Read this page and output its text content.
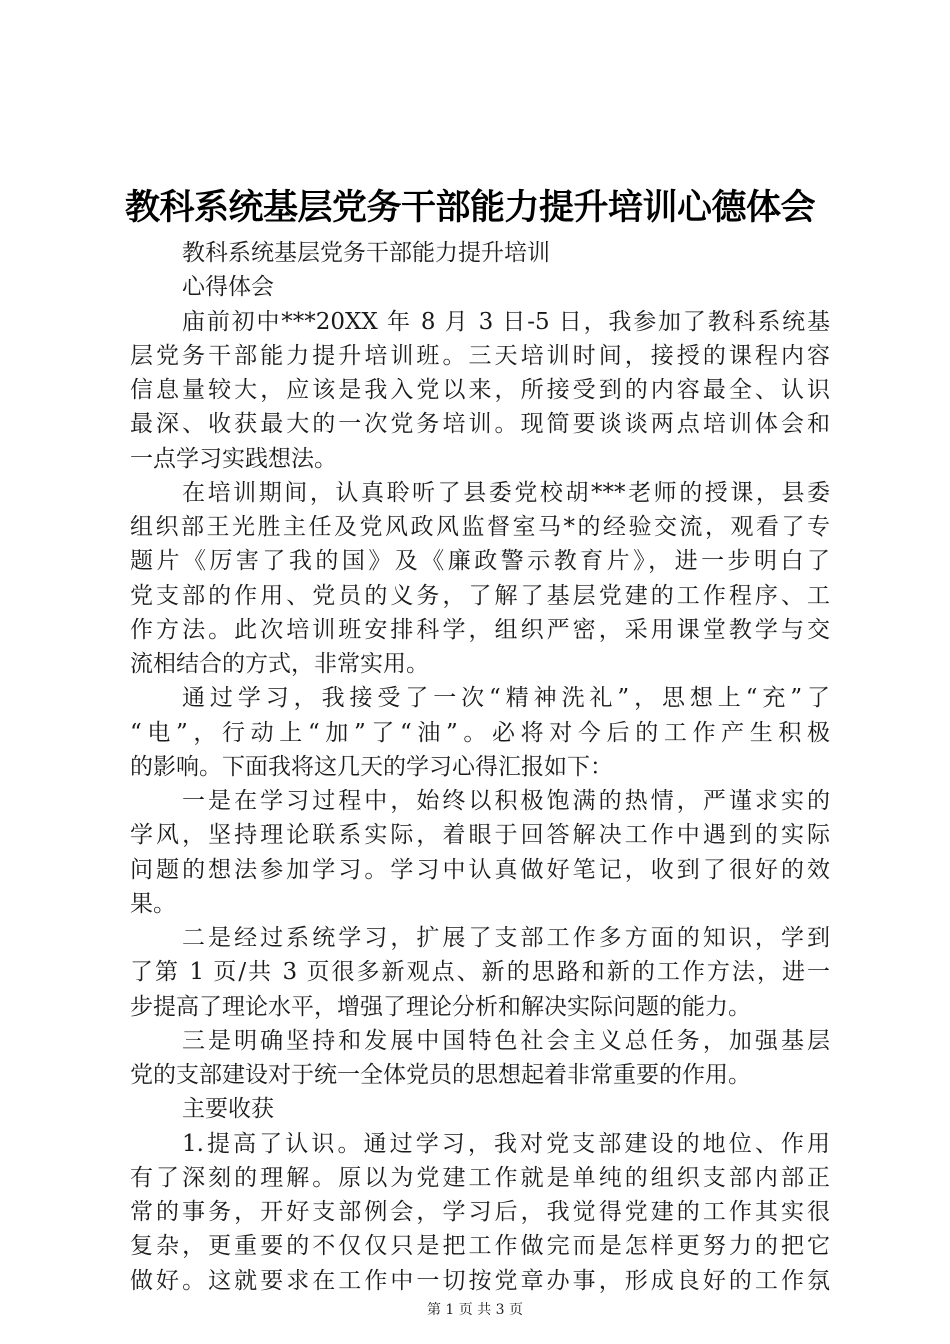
教科系统基层党务干部能力提升培训心德体会

教科系统基层党务干部能力提升培训

心得体会

庙前初中***20XX 年 8 月 3 日-5 日，我参加了教科系统基

层党务干部能力提升培训班。三天培训时间，接授的课程内容

信息量较大，应该是我入党以来，所接受到的内容最全、认识

最深、收获最大的一次党务培训。现简要谈谈两点培训体会和

一点学习实践想法。

在培训期间，认真聆听了县委党校胡***老师的授课，县委

组织部王光胜主任及党风政风监督室马*的经验交流，观看了专

题片《厉害了我的国》及《廉政警示教育片》，进一步明白了

党支部的作用、党员的义务，了解了基层党建的工作程序、工

作方法。此次培训班安排科学，组织严密，采用课堂教学与交

流相结合的方式，非常实用。

通过学习，我接受了一次“精神洗礼”，思想上“充”了

“电”，行动上“加”了“油”。必将对今后的工作产生积极

的影响。下面我将这几天的学习心得汇报如下：

一是在学习过程中，始终以积极饱满的热情，严谨求实的

学风，坚持理论联系实际，着眼于回答解决工作中遇到的实际

问题的想法参加学习。学习中认真做好笔记，收到了很好的效

果。

二是经过系统学习，扩展了支部工作多方面的知识，学到

了第 1 页/共 3 页很多新观点、新的思路和新的工作方法，进一

步提高了理论水平，增强了理论分析和解决实际问题的能力。

三是明确坚持和发展中国特色社会主义总任务，加强基层

党的支部建设对于统一全体党员的思想起着非常重要的作用。

主要收获

1.提高了认识。通过学习，我对党支部建设的地位、作用

有了深刻的理解。原以为党建工作就是单纯的组织支部内部正

常的事务，开好支部例会，学习后，我觉得党建的工作其实很

复杂，更重要的不仅仅只是把工作做完而是怎样更努力的把它

做好。这就要求在工作中一切按党章办事，形成良好的工作氛

第 1 页 共 3 页
